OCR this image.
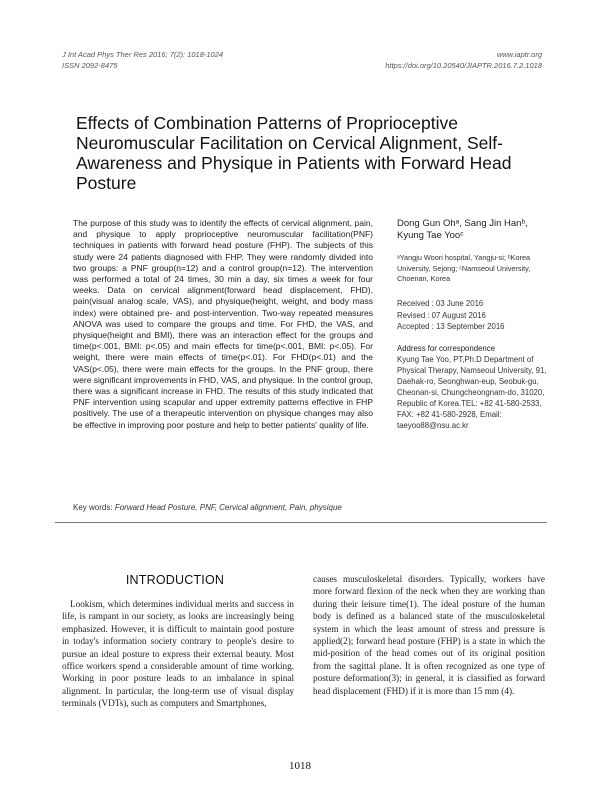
J Int Acad Phys Ther Res 2016; 7(2): 1018-1024
ISSN 2092-8475
www.iaptr.org
https://doi.org/10.20540/JIAPTR.2016.7.2.1018
Effects of Combination Patterns of Proprioceptive Neuromuscular Facilitation on Cervical Alignment, Self-Awareness and Physique in Patients with Forward Head Posture

The purpose of this study was to identify the effects of cervical alignment, pain, and physique to apply proprioceptive neuromuscular facilitation(PNF) techniques in patients with forward head posture (FHP). The subjects of this study were 24 patients diagnosed with FHP. They were randomly divided into two groups: a PNF group(n=12) and a control group(n=12). The intervention was performed a total of 24 times, 30 min a day, six times a week for four weeks. Data on cervical alignment(forward head displacement, FHD), pain(visual analog scale, VAS), and physique(height, weight, and body mass index) were obtained pre- and post-intervention. Two-way repeated measures ANOVA was used to compare the groups and time. For FHD, the VAS, and physique(height and BMI), there was an interaction effect for the groups and time(p<.001, BMI: p<.05) and main effects for time(p<.001, BMI: p<.05). For weight, there were main effects of time(p<.01). For FHD(p<.01) and the VAS(p<.05), there were main effects for the groups. In the PNF group, there were significant improvements in FHD, VAS, and physique. In the control group, there was a significant increase in FHD. The results of this study indicated that PNF intervention using scapular and upper extremity patterns effective in FHP positively. The use of a therapeutic intervention on physique changes may also be effective in improving poor posture and help to better patients' quality of life.

Dong Gun Ohᵃ, Sang Jin Hanᵇ, Kyung Tae Yooᶜ

ᵃYangju Woori hospital, Yangju-si; ᵇKorea University, Sejong; ᶜNamseoul University, Choenan, Korea

Received : 03 June 2016
Revised : 07 August 2016
Accepted : 13 September 2016
Address for correspondence

Kyung Tae Yoo, PT,Ph.D Department of Physical Therapy, Namseoul University, 91, Daehak-ro, Seonghwan-eup, Seobuk-gu, Cheonan-si, Chungcheongnam-do, 31020, Republic of Korea.TEL: +82 41-580-2533, FAX: +82 41-580-2928, Email: taeyoo88@nsu.ac.kr

Key words: Forward Head Posture, PNF, Cervical alignment, Pain, physique
INTRODUCTION

Lookism, which determines individual merits and success in life, is rampant in our society, as looks are increasingly being emphasized. However, it is difficult to maintain good posture in today's information society contrary to people's desire to pursue an ideal posture to express their external beauty. Most office workers spend a considerable amount of time working. Working in poor posture leads to an imbalance in spinal alignment. In particular, the long-term use of visual display terminals (VDTs), such as computers and Smartphones,

causes musculoskeletal disorders. Typically, workers have more forward flexion of the neck when they are working than during their leisure time(1). The ideal posture of the human body is defined as a balanced state of the musculoskeletal system in which the least amount of stress and pressure is applied(2); forward head posture (FHP) is a state in which the mid-position of the head comes out of its original position from the sagittal plane. It is often recognized as one type of posture deformation(3); in general, it is classified as forward head displacement (FHD) if it is more than 15 mm (4).

1018
